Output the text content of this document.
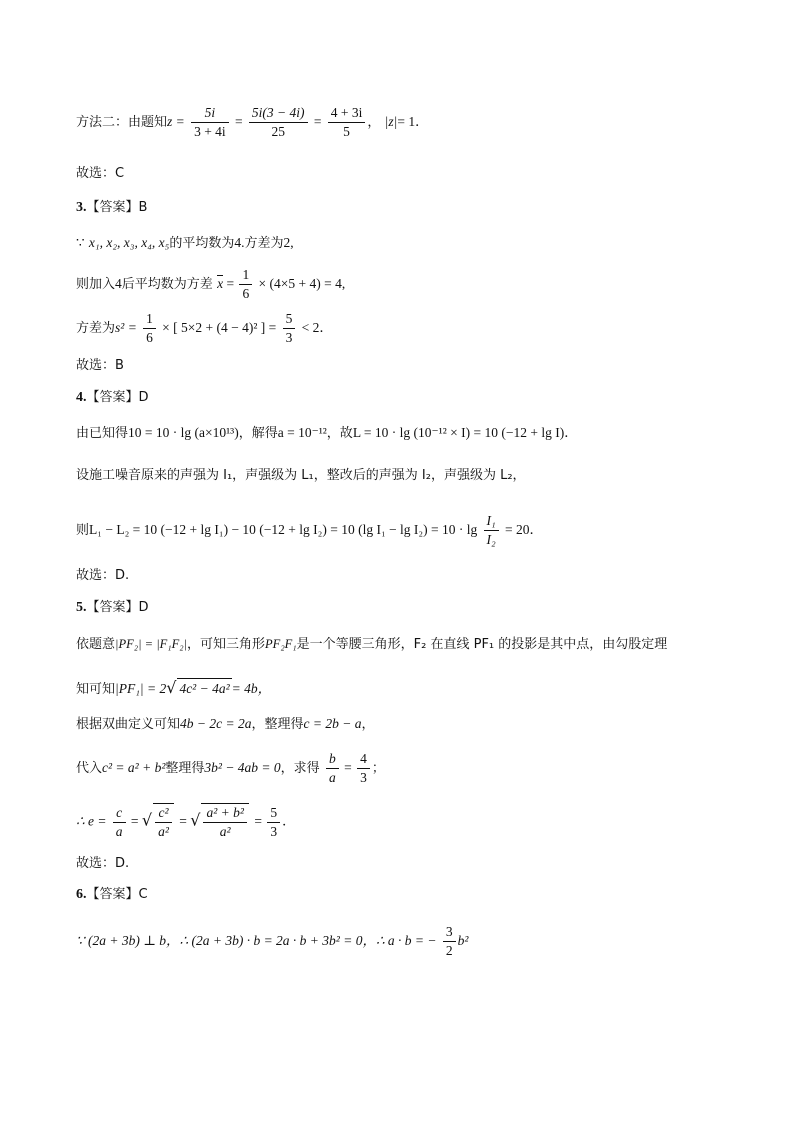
方法二：由题知$z = \frac{5i}{3 + 4i} = \frac{5i(3 - 4i)}{25} = \frac{4 + 3i}{5}$ ， |z|= 1．
故选：C
3.【答案】B
∵ x₁, x₂, x₃, x₄, x₅的平均数为4.方差为2,
则加入4后平均数为方差 $x = \frac{1}{6} \times (4\times 5 + 4) = 4$,
方差为$s^2 = \frac{1}{6}$ × [ 5×2 + (4 − 4)² ] = $\frac{5}{3} < 2$．
故选：B
4.【答案】D
由已知得10 = 10 · lg (a×10¹³)，解得a = 10⁻¹²，故L = 10 · lg (10⁻¹² × I) = 10 (−12 + lg I)．
设施工噪音原来的声强为 I₁，声强级为 L₁，整改后的声强为 I₂，声强级为 L₂，
则L₁ − L₂ = 10 (−12 + lg I₁) − 10 (−12 + lg I₂) = 10 (lg $I_1 - \lg I_2) = 10 \cdot \lg \frac{\text{I₁}}{\text{I₂}} = 20$．
故选：D.
5.【答案】D
依题意|PF₂| = |F₁F₂|，可知三角形PF₂F₁是一个等腰三角形，F₂ 在直线 PF₁ 的投影是其中点，由勾股定理
知可知|PF₁| = 2√ 4c² − 4a² = 4b，
根据双曲定义可知4b − 2c = 2a，整理得c = 2b − a，
代入c² = a² + b²整理得3b² − 4ab = 0，求得 $\frac{b}{a} = \frac{4}{3}$ ；
∴ $e = \frac{c}{a}$ = √ $\frac{\text{c²}}{\text{a²}}$ = √ $\frac{\text{a² + b²}}{\text{a²}} = \frac{5}{3}$ ．
故选：D.
6.【答案】C
∵ (2a + 3b) ⊥ b，∴ (2a + 3b) · b = 2a · b + 3b² = 0，∴ a · b = − $\frac{3}{2} b^2$
